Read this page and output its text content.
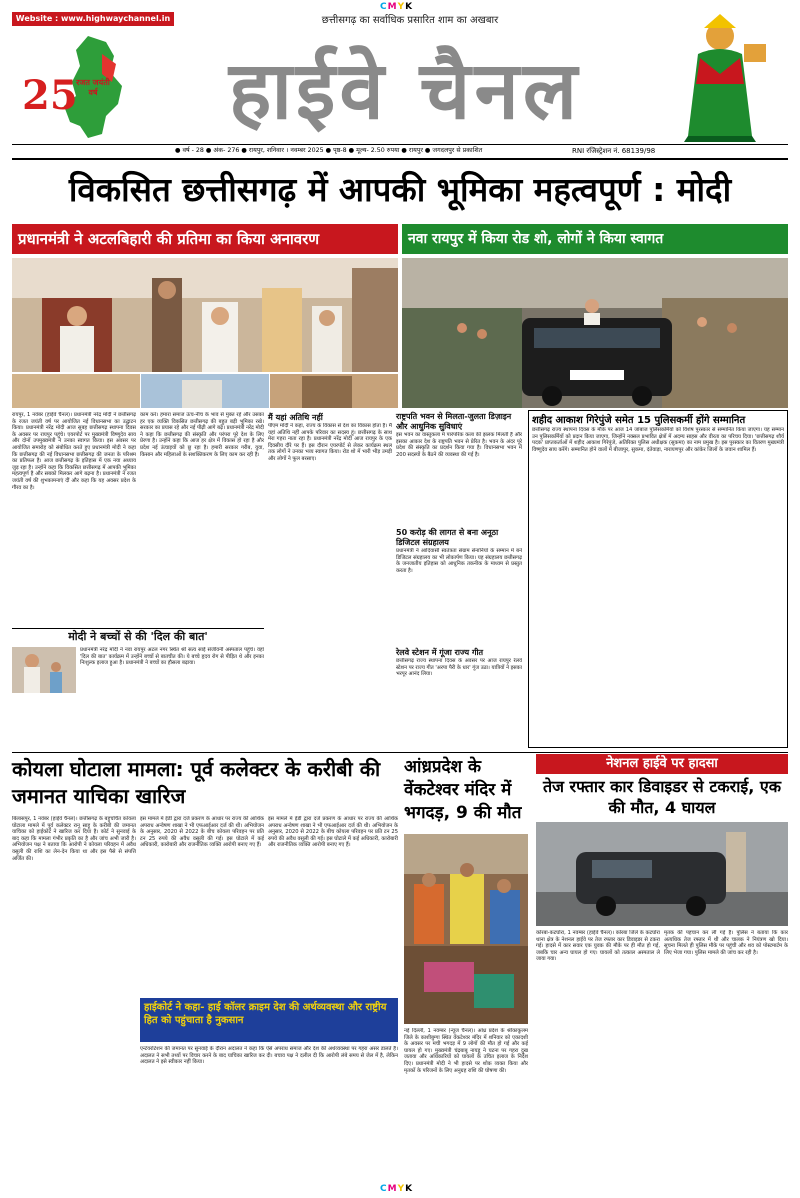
CMYK
Website : www.highwaychannel.in	छत्तीसगढ़ का सर्वाधिक प्रसारित शाम का अखबार
25
रजत जयंती वर्ष	हाईवे चैनल
● वर्ष - 28 ● अंक- 276 ● रायपुर, शनिवार । नवम्बर 2025 ● पृष्ठ-8 ● मूल्य- 2.50 रुपया ● रायपुर ● जगदलपुर से प्रकाशित	RNI रजिस्ट्रेशन नं. 68139/98
विकसित छत्तीसगढ़ में आपकी भूमिका महत्वपूर्ण : मोदी
प्रधानमंत्री ने अटलबिहारी की प्रतिमा का किया अनावरण	नवा रायपुर में किया रोड शो, लोगों ने किया स्वागत
रायपुर, 1 नवंबर (हाईवे चैनल)। प्रधानमंत्री नरेंद्र मोदी ने छत्तीसगढ़ के रजत जयंती वर्ष पर आयोजित नई विधानसभा का उद्घाटन किया। प्रधानमंत्री नरेंद्र मोदी आज सुबह छत्तीसगढ़ स्थापना दिवस के अवसर पर रायपुर पहुंचे। एयरपोर्ट पर मुख्यमंत्री विष्णुदेव साय और दोनों उपमुख्यमंत्री ने उनका स्वागत किया। इस अवसर पर आयोजित समारोह को संबोधित करते हुए प्रधानमंत्री मोदी ने कहा कि छत्तीसगढ़ की नई विधानसभा छत्तीसगढ़ की जनता के परिश्रम का प्रतिफल है। आज छत्तीसगढ़ के इतिहास में एक नया अध्याय जुड़ रहा है। उन्होंने कहा कि विकसित छत्तीसगढ़ में आपकी भूमिका महत्वपूर्ण है और सबको मिलकर आगे बढ़ना है। प्रधानमंत्री ने रजत जयंती वर्ष की शुभकामनाएं दीं और कहा कि यह अवसर प्रदेश के गौरव का है।
काम करें। हमारा समाज ऊंच-नीच के भाव से मुक्त रहे और उसका हर एक व्यक्ति विकसित छत्तीसगढ़ की बहुत बड़ी भूमिका रखे। सरकार का प्रयास रहे और नई पीढ़ी आगे बढ़े। प्रधानमंत्री नरेंद्र मोदी ने कहा कि छत्तीसगढ़ की संस्कृति और परंपरा पूरे देश के लिए प्रेरणा है। उन्होंने कहा कि आज हर क्षेत्र में विकास हो रहा है और प्रदेश नई ऊंचाइयों को छू रहा है। हमारी सरकार गरीब, युवा, किसान और महिलाओं के सशक्तिकरण के लिए काम कर रही है।
मोदी ने बच्चों से की 'दिल की बात'
प्रधानमंत्री नरेंद्र मोदी ने नवा रायपुर अटल नगर स्थित श्री सत्य साईं संजीवनी अस्पताल पहुंचे। वहां 'दिल की बात' कार्यक्रम में उन्होंने बच्चों से बातचीत की। ये बच्चे हृदय रोग से पीड़ित थे और इनका निःशुल्क इलाज हुआ है। प्रधानमंत्री ने बच्चों का हौसला बढ़ाया।
मैं यहां अतिथि नहीं
पीएम मोदी ने कहा, राज्य के विकास से देश का विकास होता है। मैं यहां अतिथि नहीं आपके परिवार का सदस्य हूं। छत्तीसगढ़ के साथ मेरा गहरा नाता रहा है। प्रधानमंत्री नरेंद्र मोदी आज रायपुर के एक दिवसीय दौरे पर हैं। इस दौरान एयरपोर्ट से लेकर कार्यक्रम स्थल तक लोगों ने उनका भव्य स्वागत किया। रोड शो में भारी भीड़ उमड़ी और लोगों ने फूल बरसाए।
राष्ट्रपति भवन से मिलता-जुलता डिज़ाइन और आधुनिक सुविधाएं
इस भवन का वास्तुकला में पारंपरिक कला की झलक मिलती है और इसका आकार देश के राष्ट्रपति भवन से प्रेरित है। भवन के अंदर पूरे प्रदेश की संस्कृति का प्रदर्शन किया गया है। विधानसभा भवन में 200 सदस्यों के बैठने की व्यवस्था की गई है।
50 करोड़ की लागत से बना अनूठा डिजिटल संग्रहालय
प्रधानमंत्री ने आदिवासी स्वतंत्रता संग्राम सेनानियों के सम्मान में बने डिजिटल संग्रहालय का भी लोकार्पण किया। यह संग्रहालय छत्तीसगढ़ के जनजातीय इतिहास को आधुनिक तकनीक के माध्यम से प्रस्तुत करता है।
रेलवे स्टेशन में गूंजा राज्य गीत
छत्तीसगढ़ राज्य स्थापना दिवस के अवसर पर आज रायपुर रेलवे स्टेशन पर राज्य गीत 'अरपा पैरी के धार' गूंज उठा। यात्रियों ने इसका भरपूर आनंद लिया।
शहीद आकाश गिरेपुंजे समेत 15 पुलिसकर्मी होंगे सम्मानित
छत्तीसगढ़ राज्य स्थापना दिवस के मौके पर आज 14 जांबाज पुलिसकर्मियों को विशेष पुरस्कार से सम्मानित किया जाएगा। यह सम्मान उन पुलिसकर्मियों को प्रदान किया जाएगा, जिन्होंने नक्सल प्रभावित क्षेत्रों में अदम्य साहस और वीरता का परिचय दिया। 'छत्तीसगढ़ शौर्य पदक' प्राप्तकर्ताओं में शहीद आकाश गिरेपुंजे, अतिरिक्त पुलिस अधीक्षक (सुकमा) का नाम प्रमुख है। इस पुरस्कार का वितरण मुख्यमंत्री विष्णुदेव साय करेंगे। सम्मानित होने वालों में बीजापुर, सुकमा, दंतेवाड़ा, नारायणपुर और कांकेर जिलों के जवान शामिल हैं।
कोयला घोटाला मामला: पूर्व कलेक्टर के करीबी की जमानत याचिका खारिज
बिलासपुर, 1 नवंबर (हाईवे चैनल)। छत्तीसगढ़ के बहुचर्चित कोयला घोटाला मामले में पूर्व कलेक्टर रानू साहू के करीबी की जमानत याचिका को हाईकोर्ट ने खारिज कर दिया है। कोर्ट ने सुनवाई के बाद कहा कि मामला गंभीर प्रकृति का है और जांच अभी जारी है। अभियोजन पक्ष ने बताया कि आरोपी ने कोयला परिवहन में अवैध वसूली की राशि का लेन-देन किया था और इस पैसे से संपत्ति अर्जित की।
इस मामले में ईडी द्वारा दर्ज प्रकरण के आधार पर राज्य की आर्थिक अपराध अन्वेषण शाखा ने भी एफआईआर दर्ज की थी। अभियोजन के अनुसार, 2020 से 2022 के बीच कोयला परिवहन पर प्रति टन 25 रुपये की अवैध वसूली की गई। इस घोटाले में कई अधिकारी, कारोबारी और राजनीतिक व्यक्ति आरोपी बनाए गए हैं।
हाईकोर्ट ने कहा- हाई कॉलर क्राइम देश की अर्थव्यवस्था और राष्ट्रीय हित को पहुंचाता है नुकसान
एन्टेयरोटेशन की जमानत पर सुनवाई के दौरान अदालत ने कहा कि ऐसे अपराध समाज और देश की अर्थव्यवस्था पर गहरा असर डालते हैं। अदालत ने सभी तथ्यों पर विचार करने के बाद याचिका खारिज कर दी। बचाव पक्ष ने दलील दी कि आरोपी लंबे समय से जेल में है, लेकिन अदालत ने इसे स्वीकार नहीं किया।
इस मामले में ईडी द्वारा दर्ज प्रकरण के आधार पर राज्य की आर्थिक अपराध अन्वेषण शाखा ने भी एफआईआर दर्ज की थी। अभियोजन के अनुसार, 2020 से 2022 के बीच कोयला परिवहन पर प्रति टन 25 रुपये की अवैध वसूली की गई। इस घोटाले में कई अधिकारी, कारोबारी और राजनीतिक व्यक्ति आरोपी बनाए गए हैं।
आंध्रप्रदेश के वेंकटेश्वर मंदिर में भगदड़, 9 की मौत
नई दिल्ली, 1 नवम्बर (न्यूज चैनल)। आंध्र प्रदेश के श्रीकाकुलम जिले के काशीबुग्गा स्थित वेंकटेश्वर मंदिर में शनिवार को एकादशी के अवसर पर मची भगदड़ में 9 लोगों की मौत हो गई और कई घायल हो गए। मुख्यमंत्री चंद्रबाबू नायडू ने घटना पर गहरा दुख जताया और अधिकारियों को घायलों के उचित इलाज के निर्देश दिए। प्रधानमंत्री मोदी ने भी हादसे पर शोक व्यक्त किया और मृतकों के परिजनों के लिए अनुग्रह राशि की घोषणा की।
नेशनल हाईवे पर हादसा
तेज रफ्तार कार डिवाइडर से टकराई, एक की मौत, 4 घायल
कोरबा-कटघोरा, 1 नवम्बर (हाईवे चैनल)। कोरबा जिले के कटघोरा थाना क्षेत्र के नेशनल हाईवे पर तेज रफ्तार कार डिवाइडर से टकरा गई। हादसे में कार सवार एक युवक की मौके पर ही मौत हो गई, जबकि चार अन्य घायल हो गए। घायलों को तत्काल अस्पताल ले जाया गया।
मृतक की पहचान कर ली गई है। पुलिस ने बताया कि कार अत्यधिक तेज रफ्तार में थी और चालक ने नियंत्रण खो दिया। सूचना मिलते ही पुलिस मौके पर पहुंची और शव को पोस्टमार्टम के लिए भेजा गया। पुलिस मामले की जांच कर रही है।
CMYK
